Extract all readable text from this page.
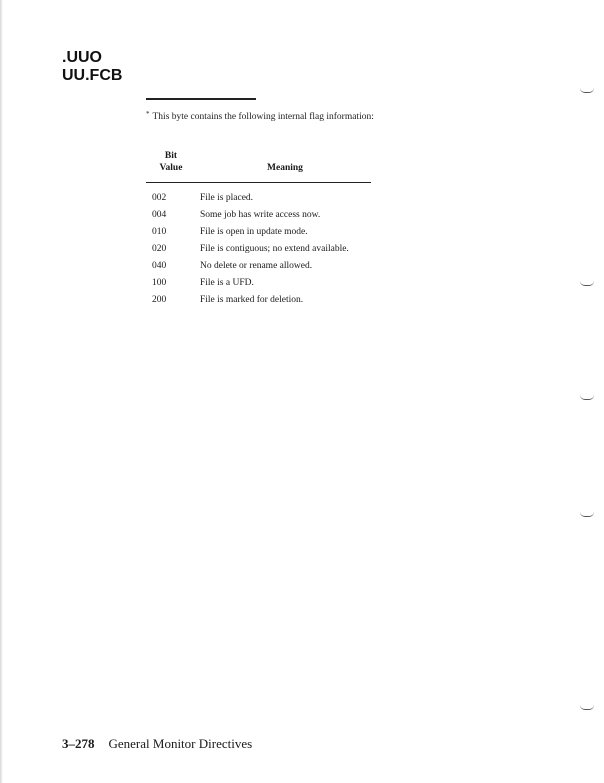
.UUO
UU.FCB
* This byte contains the following internal flag information:
Bit
Value	Meaning
002	File is placed.
004	Some job has write access now.
010	File is open in update mode.
020	File is contiguous; no extend available.
040	No delete or rename allowed.
100	File is a UFD.
200	File is marked for deletion.
3–278 General Monitor Directives
